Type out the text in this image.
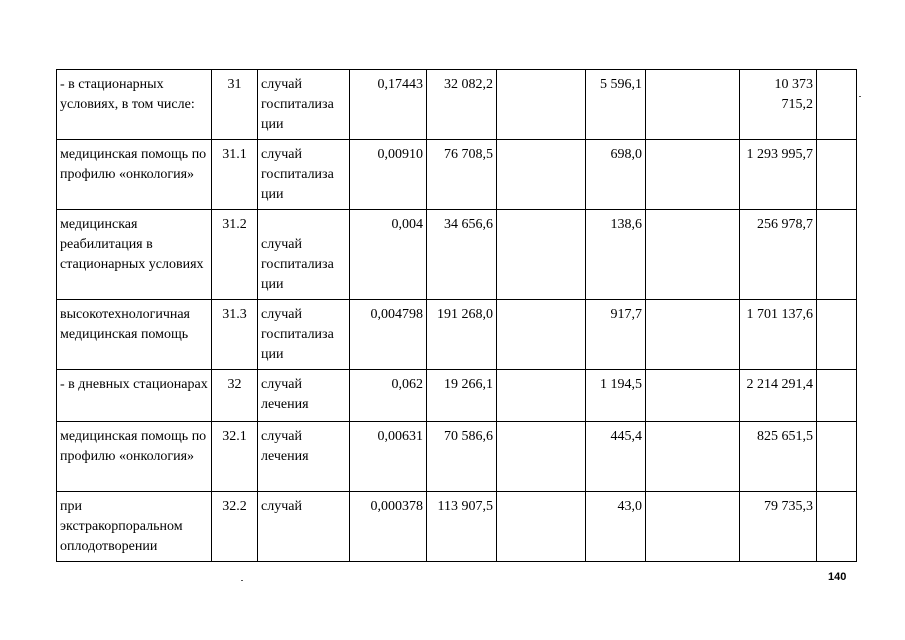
- в стационарных условиях, в том числе:	31	случай госпитализа ции	0,17443	32 082,2		5 596,1		10 373 715,2	
медицинская помощь по профилю «онкология»	31.1	случай госпитализа ции	0,00910	76 708,5		698,0		1 293 995,7	
медицинская реабилитация в стационарных условиях	31.2	случай госпитализа ции	0,004	34 656,6		138,6		256 978,7	
высокотехнологичная медицинская помощь	31.3	случай госпитализа ции	0,004798	191 268,0		917,7		1 701 137,6	
- в дневных стационарах	32	случай лечения	0,062	19 266,1		1 194,5		2 214 291,4	
медицинская помощь по профилю «онкология»	32.1	случай лечения	0,00631	70 586,6		445,4		825 651,5	
при экстракорпоральном оплодотворении	32.2	случай	0,000378	113 907,5		43,0		79 735,3	
140
